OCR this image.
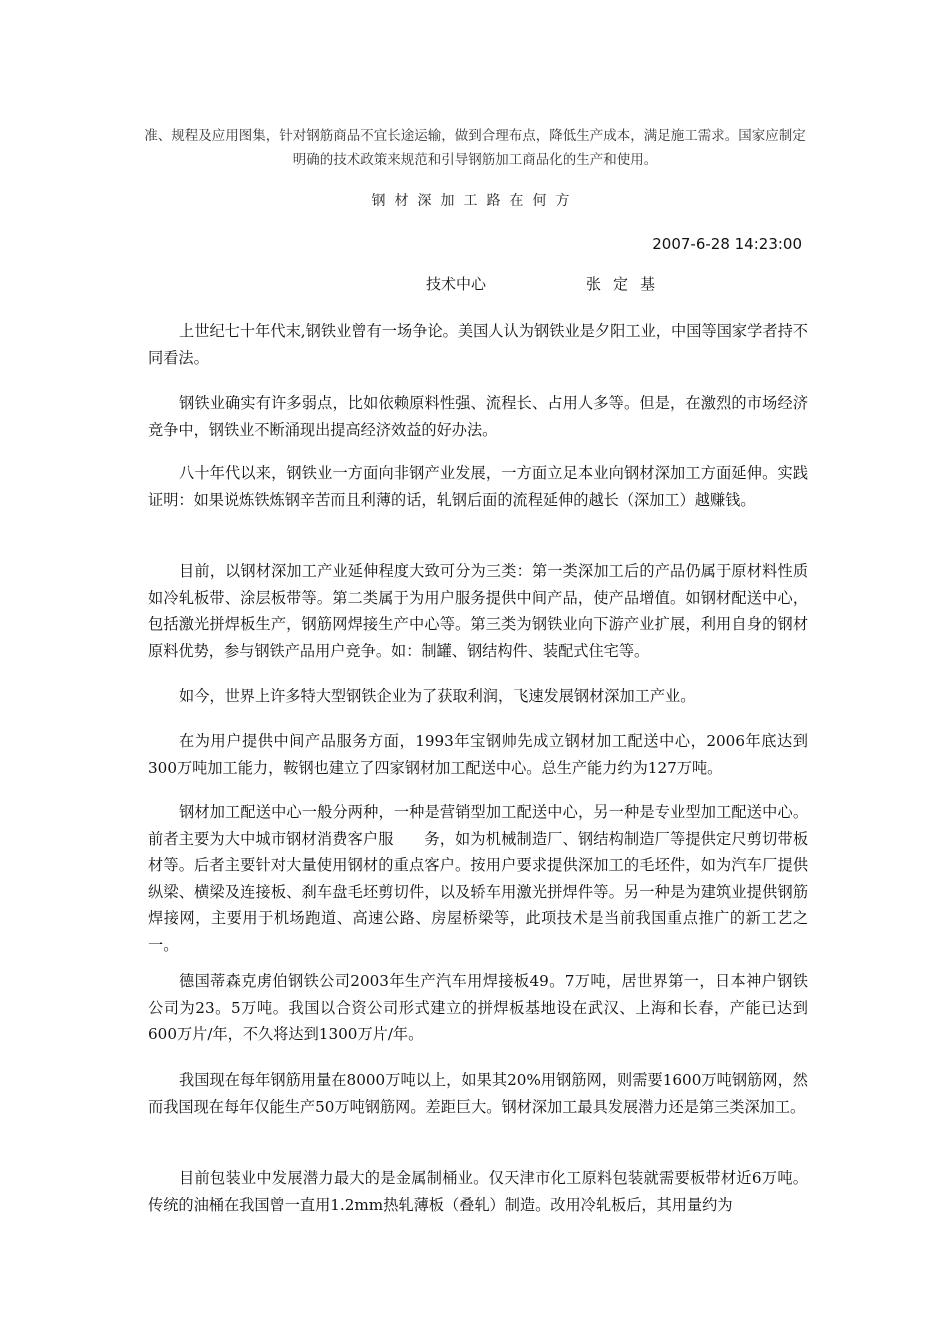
准、规程及应用图集，针对钢筋商品不宜长途运输，做到合理布点，降低生产成本，满足施工需求。国家应制定明确的技术政策来规范和引导钢筋加工商品化的生产和使用。
钢材深加工路在何方
2007-6-28 14:23:00
技术中心	张定基
上世纪七十年代末,钢铁业曾有一场争论。美国人认为钢铁业是夕阳工业，中国等国家学者持不同看法。
钢铁业确实有许多弱点，比如依赖原料性强、流程长、占用人多等。但是，在激烈的市场经济竞争中，钢铁业不断涌现出提高经济效益的好办法。
八十年代以来，钢铁业一方面向非钢产业发展，一方面立足本业向钢材深加工方面延伸。实践证明：如果说炼铁炼钢辛苦而且利薄的话，轧钢后面的流程延伸的越长（深加工）越赚钱。
目前，以钢材深加工产业延伸程度大致可分为三类：第一类深加工后的产品仍属于原材料性质如冷轧板带、涂层板带等。第二类属于为用户服务提供中间产品，使产品增值。如钢材配送中心，包括激光拼焊板生产，钢筋网焊接生产中心等。第三类为钢铁业向下游产业扩展，利用自身的钢材原料优势，参与钢铁产品用户竞争。如：制罐、钢结构件、装配式住宅等。
如今，世界上许多特大型钢铁企业为了获取利润，飞速发展钢材深加工产业。
在为用户提供中间产品服务方面，1993年宝钢帅先成立钢材加工配送中心，2006年底达到300万吨加工能力，鞍钢也建立了四家钢材加工配送中心。总生产能力约为127万吨。
钢材加工配送中心一般分两种，一种是营销型加工配送中心，另一种是专业型加工配送中心。前者主要为大中城市钢材消费客户服　　务，如为机械制造厂、钢结构制造厂等提供定尺剪切带板材等。后者主要针对大量使用钢材的重点客户。按用户要求提供深加工的毛坯件，如为汽车厂提供纵梁、横梁及连接板、刹车盘毛坯剪切件，以及轿车用激光拼焊件等。另一种是为建筑业提供钢筋焊接网，主要用于机场跑道、高速公路、房屋桥梁等，此项技术是当前我国重点推广的新工艺之一。
德国蒂森克虏伯钢铁公司2003年生产汽车用焊接板49。7万吨，居世界第一，日本神户钢铁公司为23。5万吨。我国以合资公司形式建立的拼焊板基地设在武汉、上海和长春，产能已达到600万片/年，不久将达到1300万片/年。
我国现在每年钢筋用量在8000万吨以上，如果其20%用钢筋网，则需要1600万吨钢筋网，然而我国现在每年仅能生产50万吨钢筋网。差距巨大。钢材深加工最具发展潜力还是第三类深加工。
目前包装业中发展潜力最大的是金属制桶业。仅天津市化工原料包装就需要板带材近6万吨。传统的油桶在我国曾一直用1.2mm热轧薄板（叠轧）制造。改用冷轧板后，其用量约为
